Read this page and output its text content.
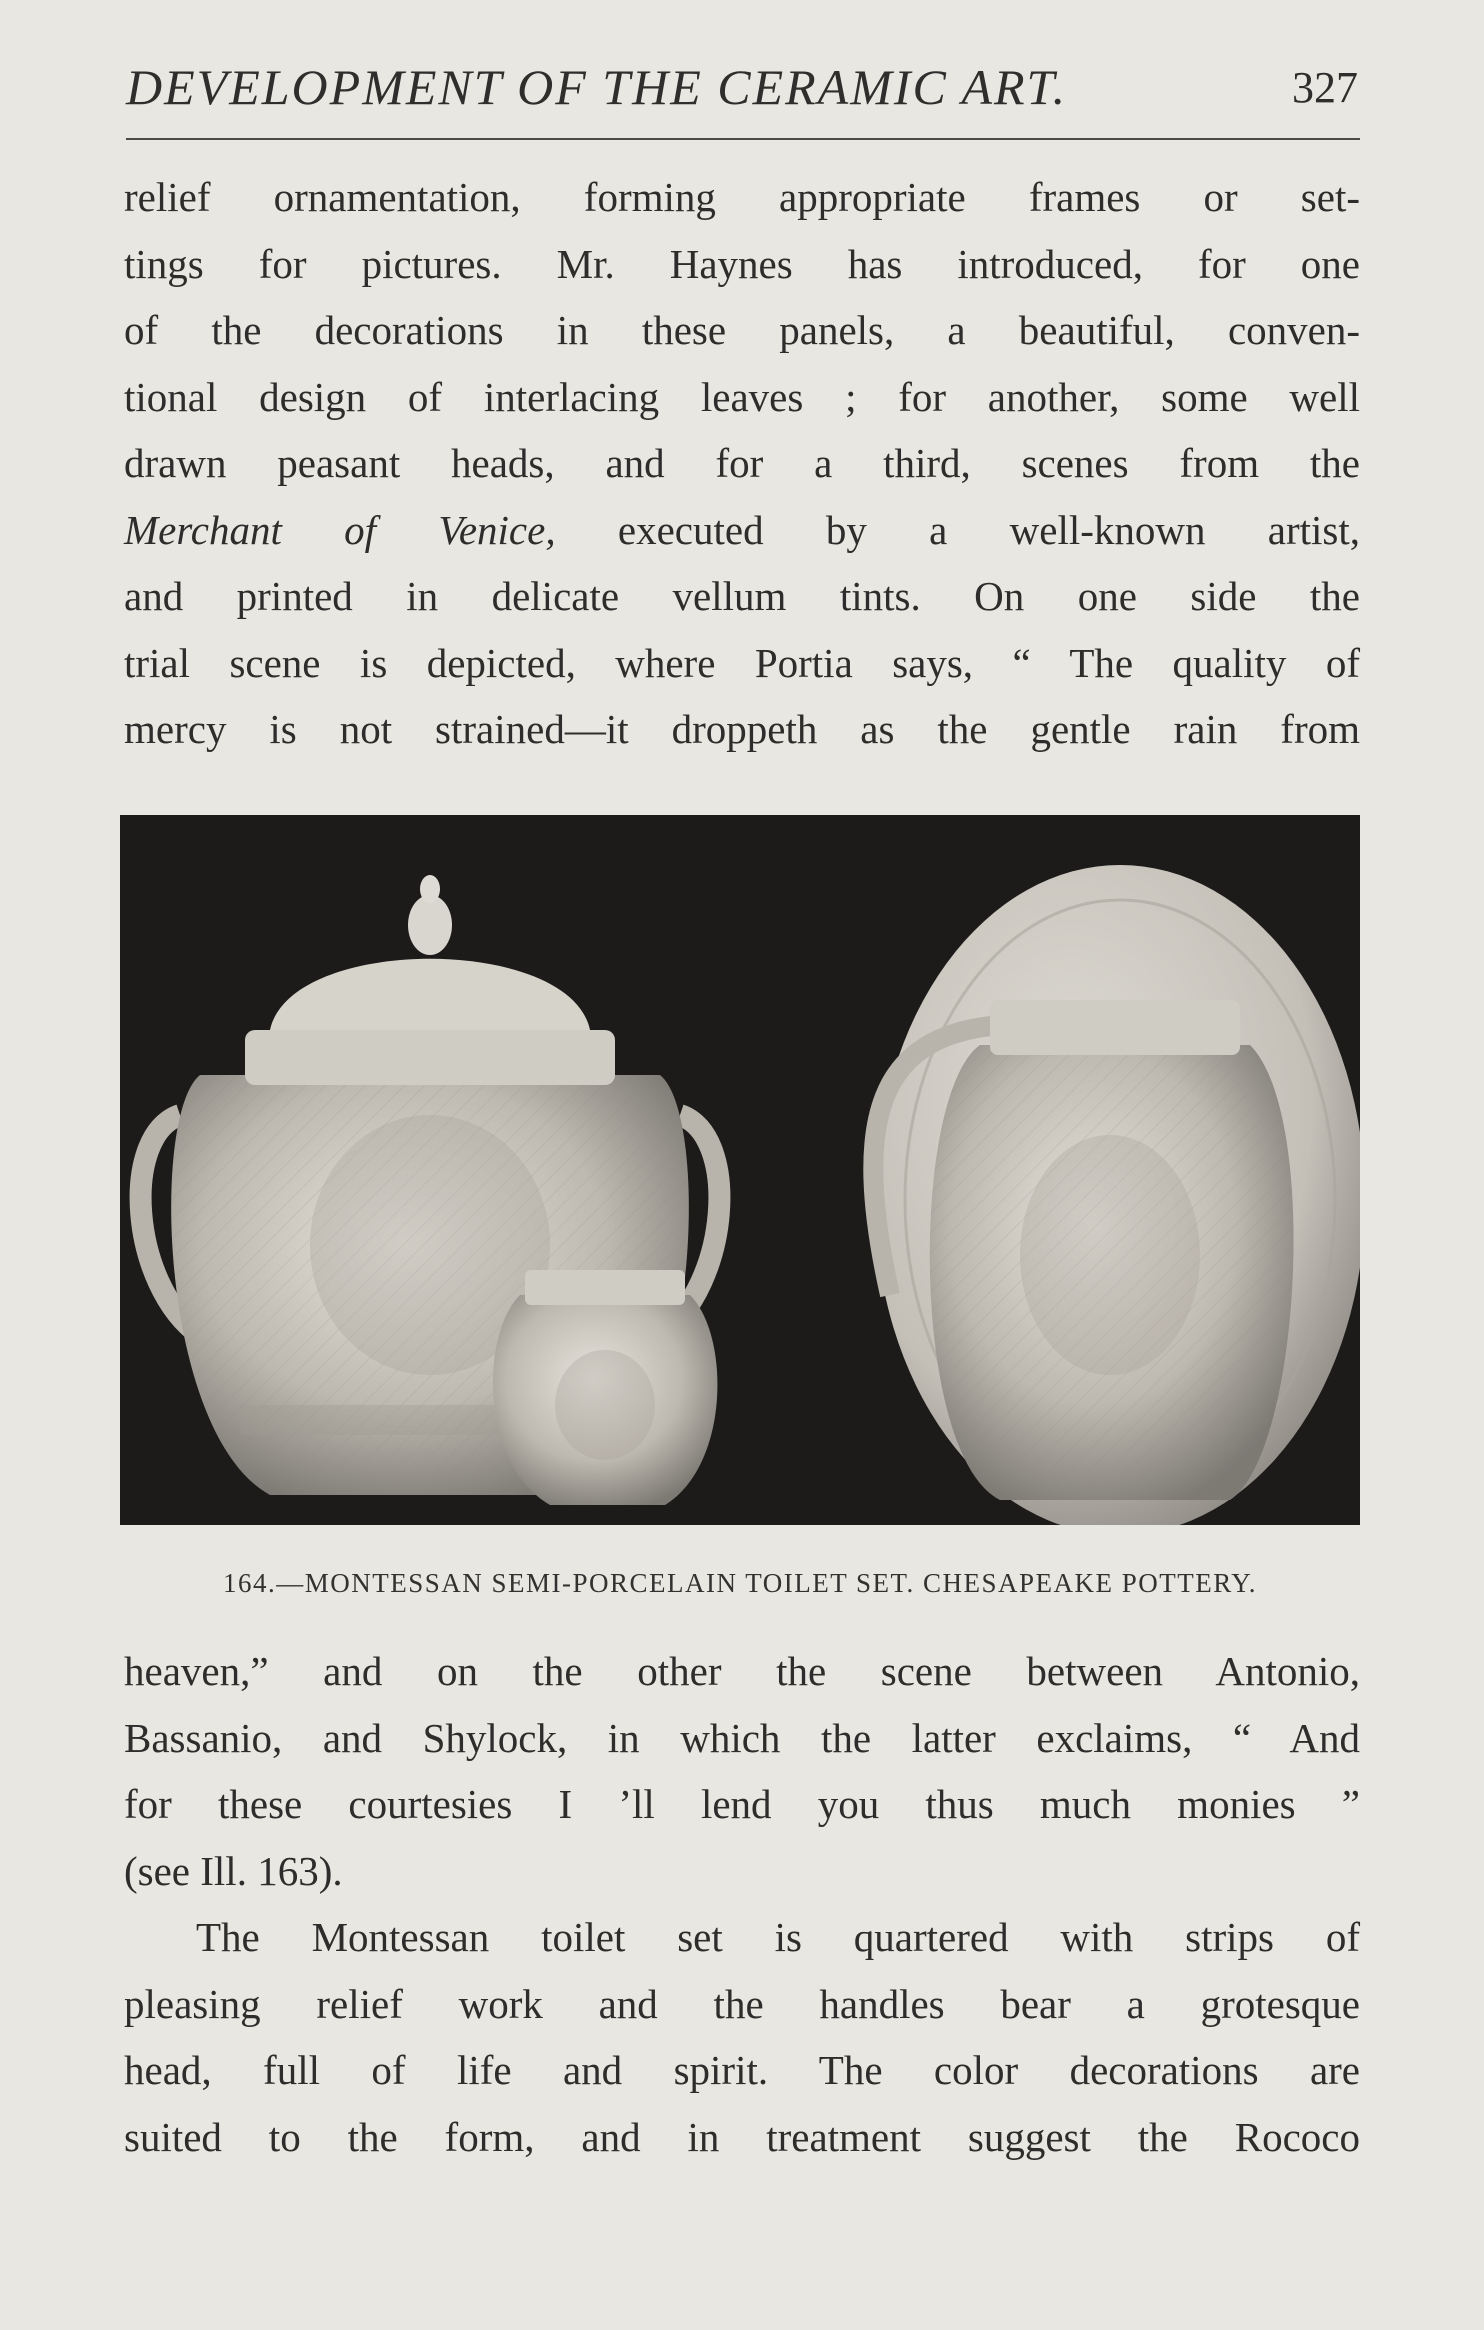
DEVELOPMENT OF THE CERAMIC ART.	327
relief ornamentation, forming appropriate frames or set-
tings for pictures. Mr. Haynes has introduced, for one
of the decorations in these panels, a beautiful, conven-
tional design of interlacing leaves ; for another, some well
drawn peasant heads, and for a third, scenes from the
Merchant of Venice, executed by a well-known artist,
and printed in delicate vellum tints. On one side the
trial scene is depicted, where Portia says, “ The quality of
mercy is not strained—it droppeth as the gentle rain from
164.—MONTESSAN SEMI-PORCELAIN TOILET SET. CHESAPEAKE POTTERY.
heaven,” and on the other the scene between Antonio,
Bassanio, and Shylock, in which the latter exclaims, “ And
for these courtesies I ’ll lend you thus much monies ”
(see Ill. 163).
The Montessan toilet set is quartered with strips of
pleasing relief work and the handles bear a grotesque
head, full of life and spirit. The color decorations are
suited to the form, and in treatment suggest the Rococo
